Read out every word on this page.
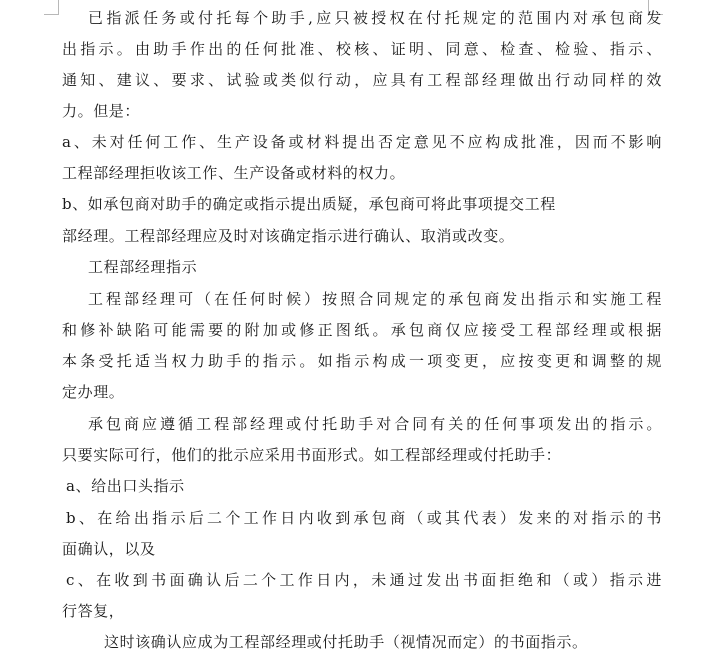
已指派任务或付托每个助手,应只被授权在付托规定的范围内对承包商发
出指示。由助手作出的任何批准、校核、证明、同意、检查、检验、指示、
通知、建议、要求、试验或类似行动，应具有工程部经理做出行动同样的效
力。但是：
a、未对任何工作、生产设备或材料提出否定意见不应构成批准，因而不影响
工程部经理拒收该工作、生产设备或材料的权力。
b、如承包商对助手的确定或指示提出质疑，承包商可将此事项提交工程
部经理。工程部经理应及时对该确定指示进行确认、取消或改变。
工程部经理指示
工程部经理可（在任何时候）按照合同规定的承包商发出指示和实施工程
和修补缺陷可能需要的附加或修正图纸。承包商仅应接受工程部经理或根据
本条受托适当权力助手的指示。如指示构成一项变更，应按变更和调整的规
定办理。
承包商应遵循工程部经理或付托助手对合同有关的任何事项发出的指示。
只要实际可行，他们的批示应采用书面形式。如工程部经理或付托助手：
a、给出口头指示
b、在给出指示后二个工作日内收到承包商（或其代表）发来的对指示的书
面确认，以及
c、在收到书面确认后二个工作日内，未通过发出书面拒绝和（或）指示进
行答复，
这时该确认应成为工程部经理或付托助手（视情况而定）的书面指示。
